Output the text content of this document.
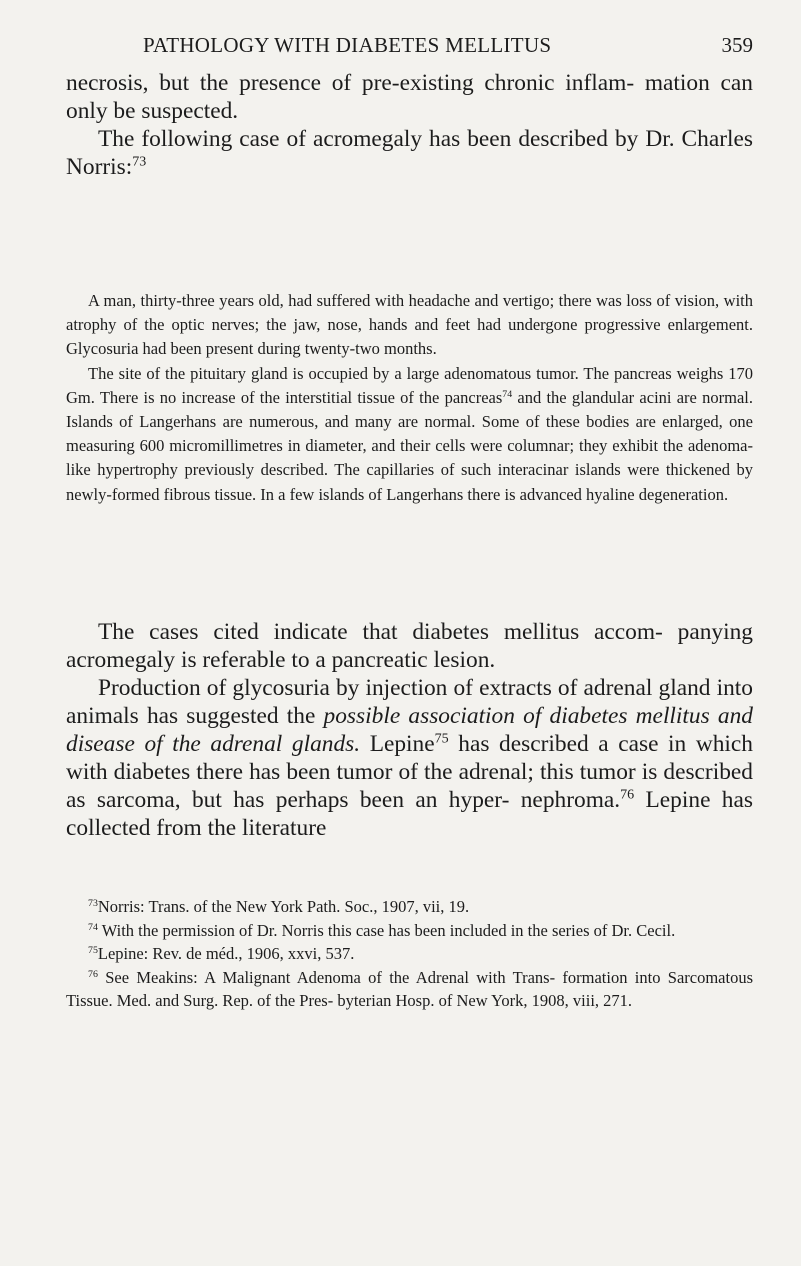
PATHOLOGY WITH DIABETES MELLITUS	359

necrosis, but the presence of pre-existing chronic inflam- mation can only be suspected.

The following case of acromegaly has been described by Dr. Charles Norris:$^{73}$

A man, thirty-three years old, had suffered with headache and vertigo; there was loss of vision, with atrophy of the optic nerves; the jaw, nose, hands and feet had undergone progressive enlargement. Glycosuria had been present during twenty-two months.

The site of the pituitary gland is occupied by a large adenomatous tumor. The pancreas weighs 170 Gm. There is no increase of the interstitial tissue of the pancreas$^{74}$ and the glandular acini are normal. Islands of Langerhans are numerous, and many are normal. Some of these bodies are enlarged, one measuring 600 micromillimetres in diameter, and their cells were columnar; they exhibit the adenoma-like hypertrophy previously described. The capillaries of such interacinar islands were thickened by newly-formed fibrous tissue. In a few islands of Langerhans there is advanced hyaline degeneration.

The cases cited indicate that diabetes mellitus accom- panying acromegaly is referable to a pancreatic lesion.

Production of glycosuria by injection of extracts of adrenal gland into animals has suggested the possible association of diabetes mellitus and disease of the adrenal glands. Lepine$^{75}$ has described a case in which with diabetes there has been tumor of the adrenal; this tumor is described as sarcoma, but has perhaps been an hyper- nephroma.$^{76}$ Lepine has collected from the literature

$^{73}$Norris: Trans. of the New York Path. Soc., 1907, vii, 19.

$^{74}$ With the permission of Dr. Norris this case has been included in the series of Dr. Cecil.

$^{75}$Lepine: Rev. de méd., 1906, xxvi, 537.

$^{76}$ See Meakins: A Malignant Adenoma of the Adrenal with Trans- formation into Sarcomatous Tissue. Med. and Surg. Rep. of the Pres- byterian Hosp. of New York, 1908, viii, 271.
